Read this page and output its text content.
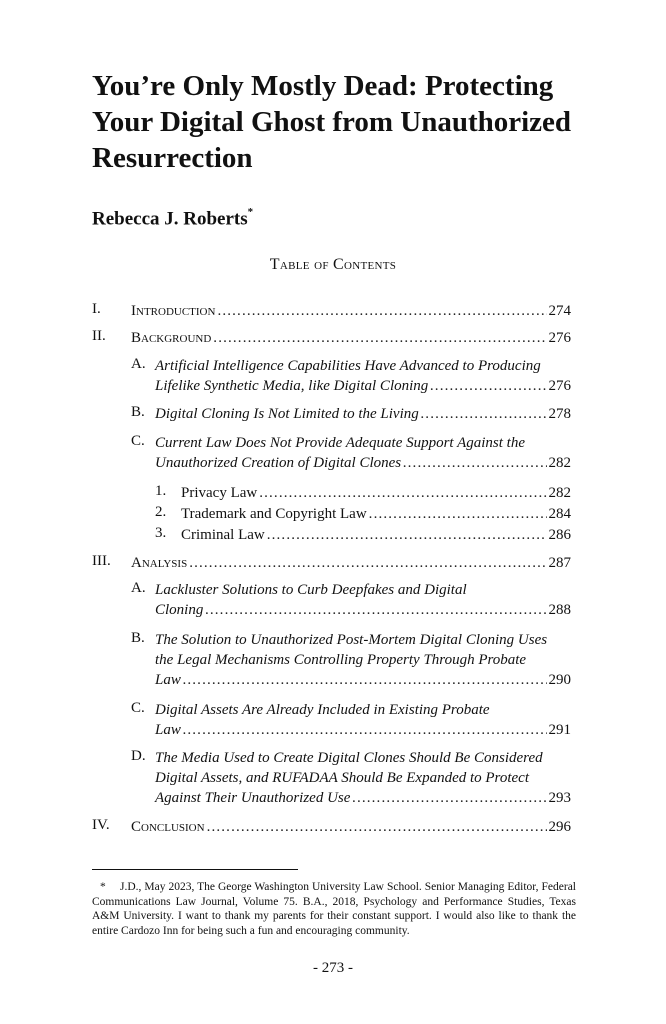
You’re Only Mostly Dead: Protecting Your Digital Ghost from Unauthorized Resurrection
Rebecca J. Roberts*
Table of Contents
I. Introduction . . .	274
II. Background . . .	276
A. Artificial Intelligence Capabilities Have Advanced to Producing
Lifelike Synthetic Media, like Digital Cloning . . .	276
B. Digital Cloning Is Not Limited to the Living . . .	278
C. Current Law Does Not Provide Adequate Support Against the
Unauthorized Creation of Digital Clones . . .	282
1. Privacy Law . . .	282
2. Trademark and Copyright Law . . .	284
3. Criminal Law . . .	286
III. Analysis . . .	287
A. Lackluster Solutions to Curb Deepfakes and Digital
Cloning . . .	288
B. The Solution to Unauthorized Post-Mortem Digital Cloning Uses
the Legal Mechanisms Controlling Property Through Probate
Law . . .	290
C. Digital Assets Are Already Included in Existing Probate
Law . . .	291
D. The Media Used to Create Digital Clones Should Be Considered
Digital Assets, and RUFADAA Should Be Expanded to Protect
Against Their Unauthorized Use . . .	293
IV. Conclusion . . .	296

* J.D., May 2023, The George Washington University Law School. Senior Managing Editor, Federal Communications Law Journal, Volume 75. B.A., 2018, Psychology and Performance Studies, Texas A&M University. I want to thank my parents for their constant support. I would also like to thank the entire Cardozo Inn for being such a fun and encouraging community.

- 273 -
